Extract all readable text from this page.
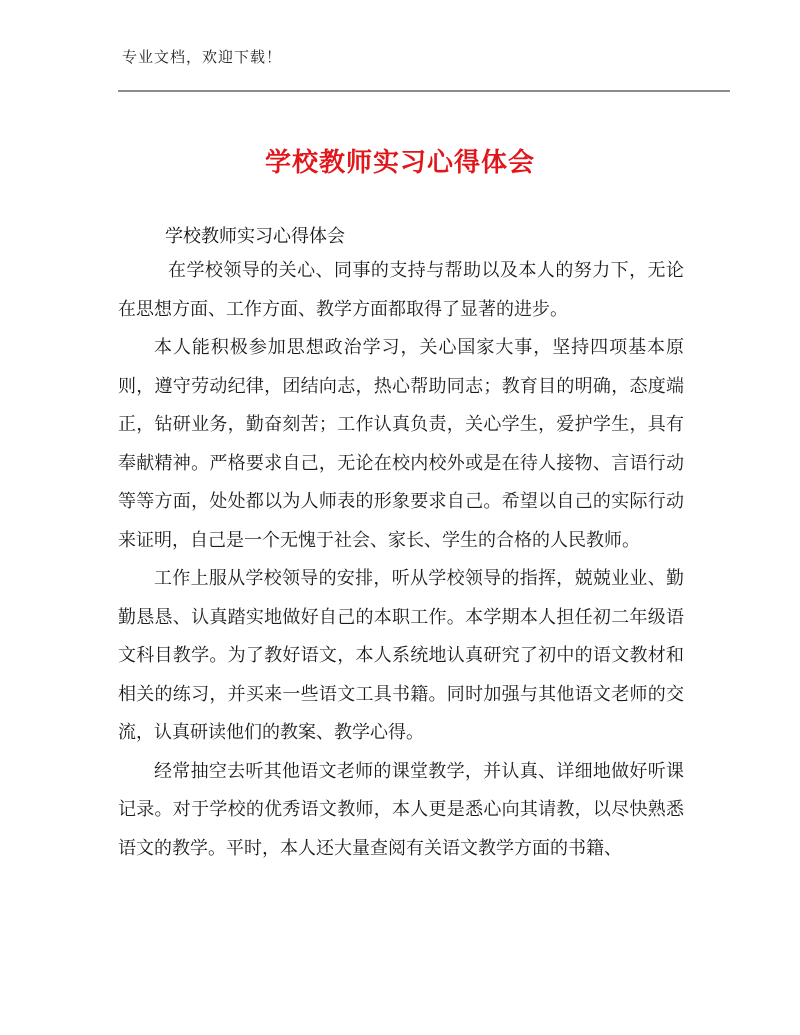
专业文档，欢迎下载！
学校教师实习心得体会
学校教师实习心得体会

在学校领导的关心、同事的支持与帮助以及本人的努力下，无论在思想方面、工作方面、教学方面都取得了显著的进步。

本人能积极参加思想政治学习，关心国家大事，坚持四项基本原则，遵守劳动纪律，团结向志，热心帮助同志；教育目的明确，态度端正，钻研业务，勤奋刻苦；工作认真负责，关心学生，爱护学生，具有奉献精神。严格要求自己，无论在校内校外或是在待人接物、言语行动等等方面，处处都以为人师表的形象要求自己。希望以自己的实际行动来证明，自己是一个无愧于社会、家长、学生的合格的人民教师。

工作上服从学校领导的安排，听从学校领导的指挥，兢兢业业、勤勤恳恳、认真踏实地做好自己的本职工作。本学期本人担任初二年级语文科目教学。为了教好语文，本人系统地认真研究了初中的语文教材和相关的练习，并买来一些语文工具书籍。同时加强与其他语文老师的交流，认真研读他们的教案、教学心得。

经常抽空去听其他语文老师的课堂教学，并认真、详细地做好听课记录。对于学校的优秀语文教师，本人更是悉心向其请教，以尽快熟悉语文的教学。平时，本人还大量查阅有关语文教学方面的书籍、
